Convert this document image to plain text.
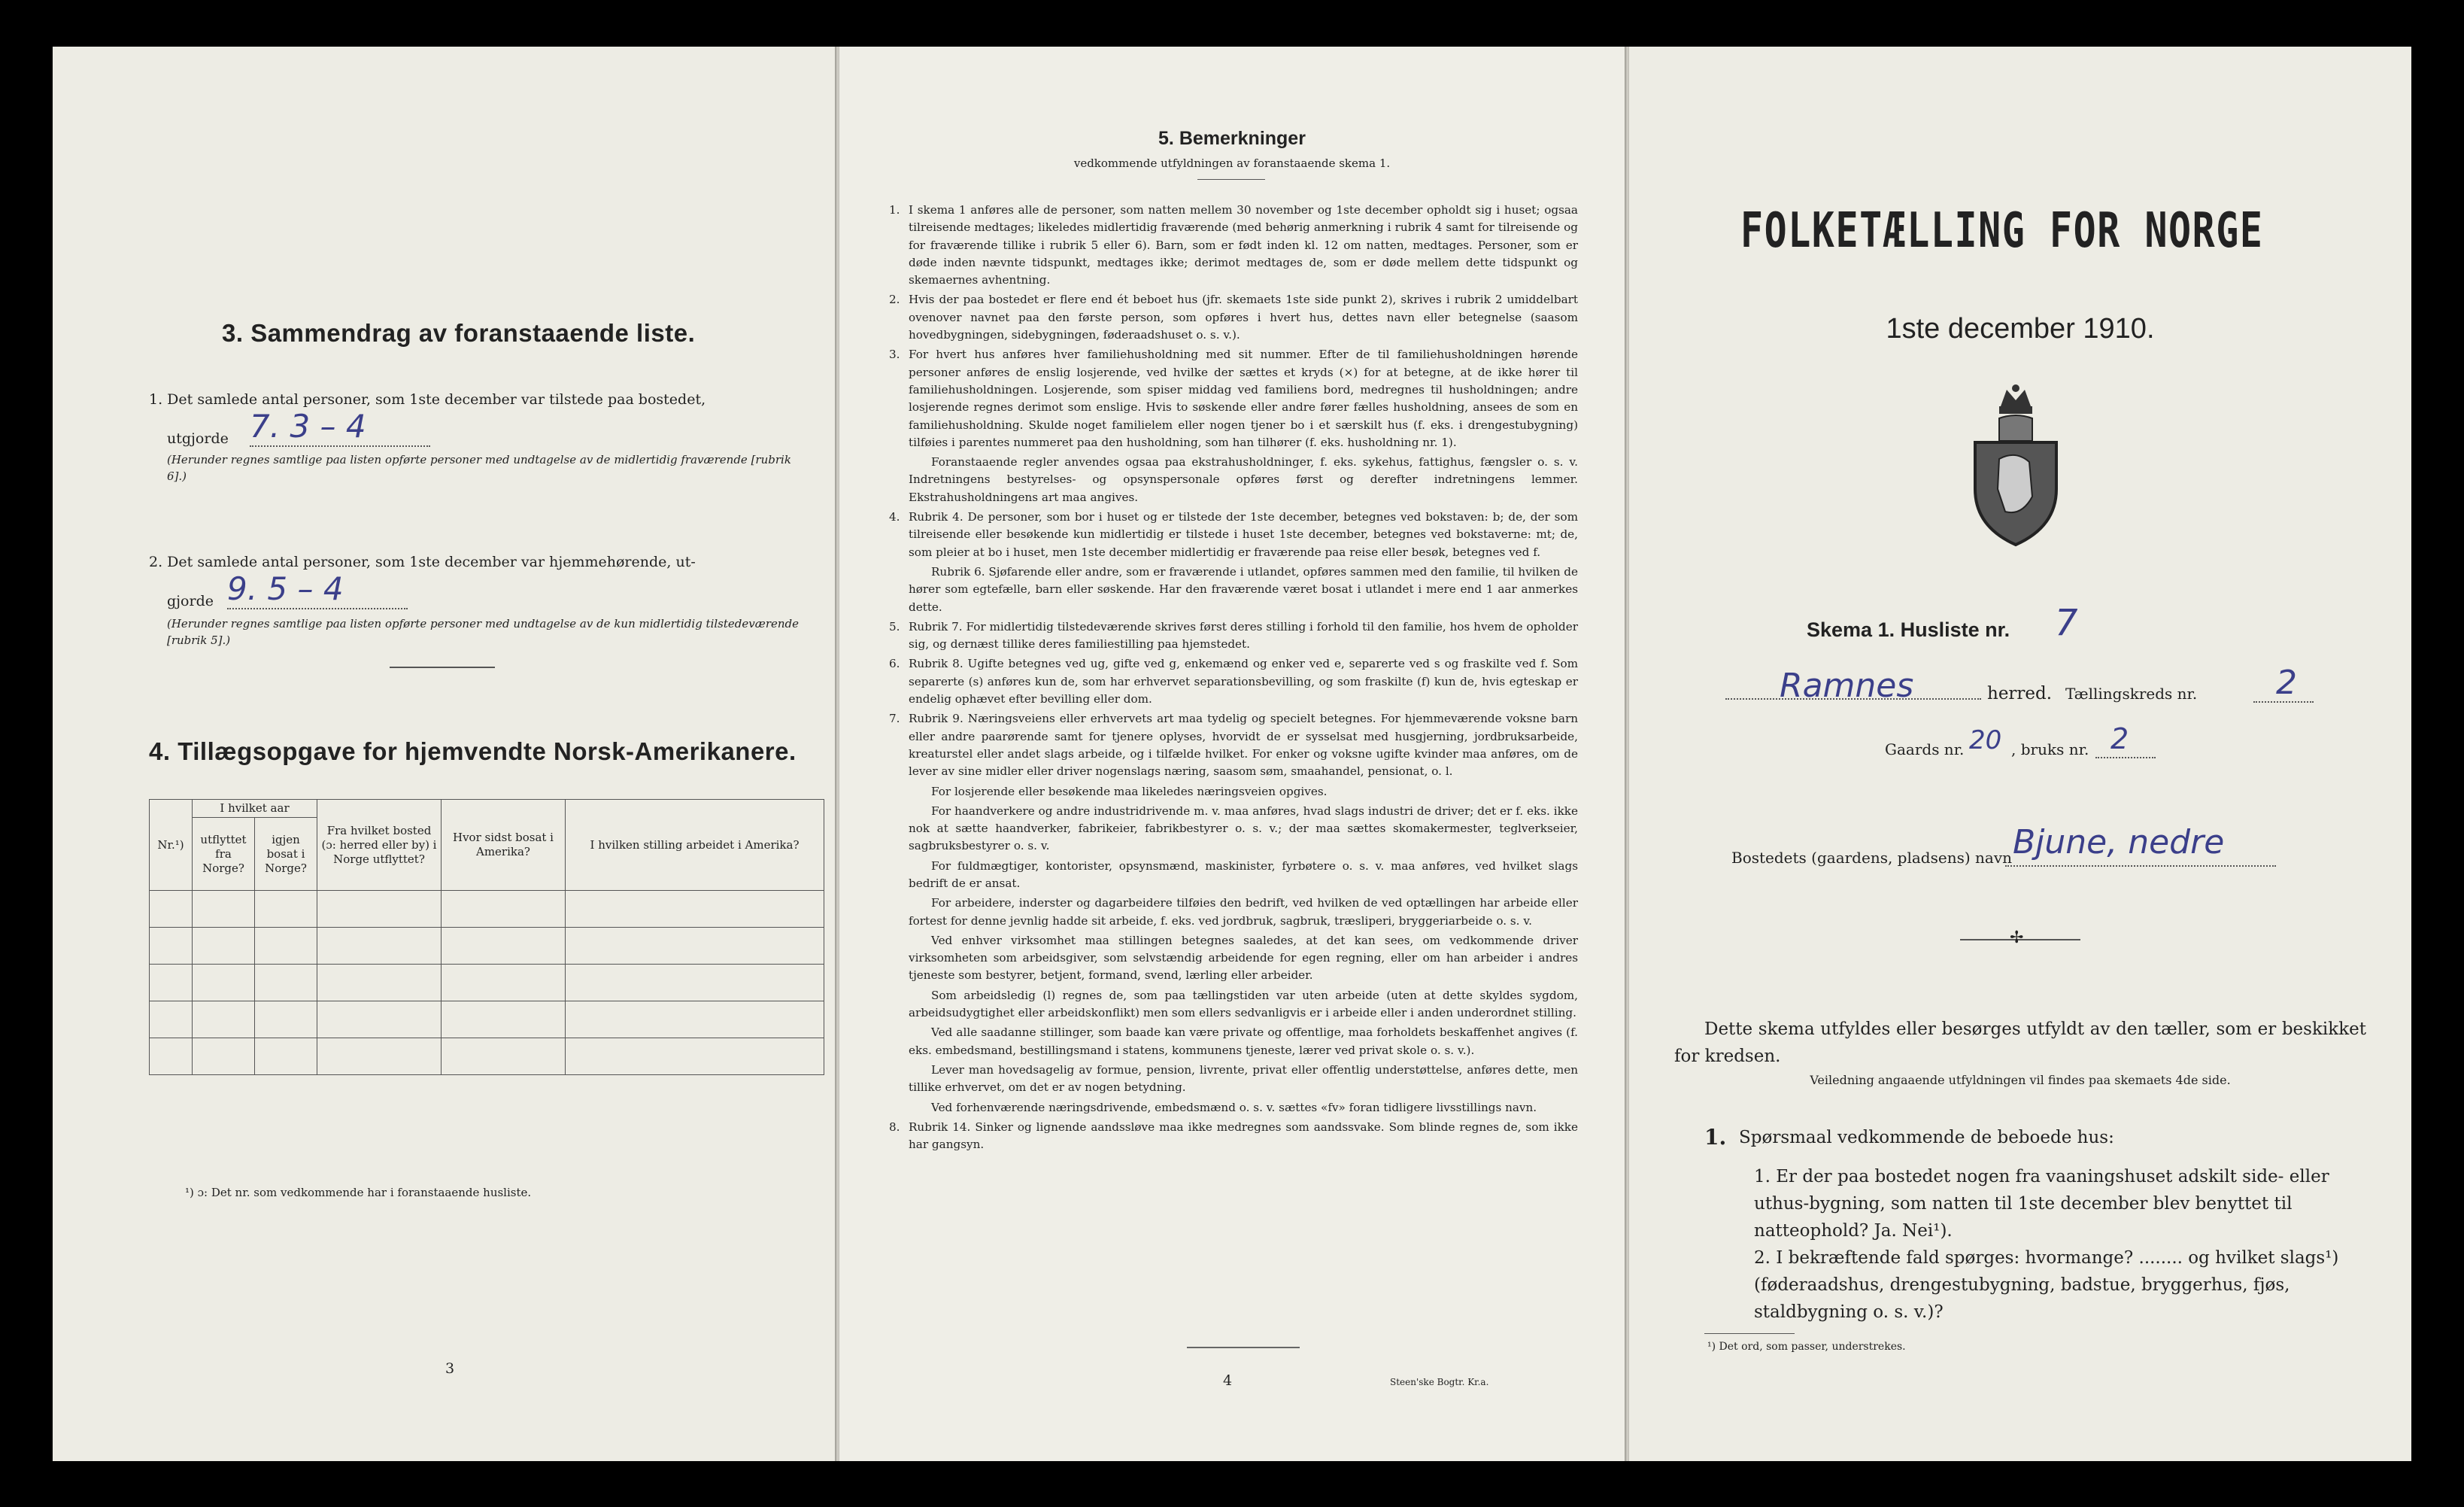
3. Sammendrag av foranstaaende liste.
1. Det samlede antal personer, som 1ste december var tilstede paa bostedet,
utgjorde 7. 3 – 4
(Herunder regnes samtlige paa listen opførte personer med undtagelse av de midlertidig fraværende [rubrik 6].)
2. Det samlede antal personer, som 1ste december var hjemmehørende, ut-
gjorde 9. 5 – 4
(Herunder regnes samtlige paa listen opførte personer med undtagelse av de kun midlertidig tilstedeværende [rubrik 5].)
4. Tillægsopgave for hjemvendte Norsk-Amerikanere.
Nr.¹)	I hvilket aar		Fra hvilket bosted (ɔ: herred eller by) i Norge utflyttet?	Hvor sidst bosat i Amerika?	I hvilken stilling arbeidet i Amerika?
	utflyttet fra Norge?	igjen bosat i Norge?			

¹) ɔ: Det nr. som vedkommende har i foranstaaende husliste.
3
5. Bemerkninger
vedkommende utfyldningen av foranstaaende skema 1.
1. I skema 1 anføres alle de personer, som natten mellem 30 november og 1ste december opholdt sig i huset; ogsaa tilreisende medtages; likeledes midlertidig fraværende (med behørig anmerkning i rubrik 4 samt for tilreisende og for fraværende tillike i rubrik 5 eller 6). Barn, som er født inden kl. 12 om natten, medtages. Personer, som er døde inden nævnte tidspunkt, medtages ikke; derimot medtages de, som er døde mellem dette tidspunkt og skemaernes avhentning.
2. Hvis der paa bostedet er flere end ét beboet hus (jfr. skemaets 1ste side punkt 2), skrives i rubrik 2 umiddelbart ovenover navnet paa den første person, som opføres i hvert hus, dettes navn eller betegnelse (saasom hovedbygningen, sidebygningen, føderaadshuset o. s. v.).
3. For hvert hus anføres hver familiehusholdning med sit nummer. Efter de til familiehusholdningen hørende personer anføres de enslig losjerende, ved hvilke der sættes et kryds (×) for at betegne, at de ikke hører til familiehusholdningen. Losjerende, som spiser middag ved familiens bord, medregnes til husholdningen; andre losjerende regnes derimot som enslige. Hvis to søskende eller andre fører fælles husholdning, ansees de som en familiehusholdning. Skulde noget familielem eller nogen tjener bo i et særskilt hus (f. eks. i drengestubygning) tilføies i parentes nummeret paa den husholdning, som han tilhører (f. eks. husholdning nr. 1).
Foranstaaende regler anvendes ogsaa paa ekstrahusholdninger, f. eks. sykehus, fattighus, fængsler o. s. v. Indretningens bestyrelses- og opsynspersonale opføres først og derefter indretningens lemmer. Ekstrahusholdningens art maa angives.
4. Rubrik 4. De personer, som bor i huset og er tilstede der 1ste december, betegnes ved bokstaven: b; de, der som tilreisende eller besøkende kun midlertidig er tilstede i huset 1ste december, betegnes ved bokstaverne: mt; de, som pleier at bo i huset, men 1ste december midlertidig er fraværende paa reise eller besøk, betegnes ved f.
Rubrik 6. Sjøfarende eller andre, som er fraværende i utlandet, opføres sammen med den familie, til hvilken de hører som egtefælle, barn eller søskende. Har den fraværende været bosat i utlandet i mere end 1 aar anmerkes dette.
5. Rubrik 7. For midlertidig tilstedeværende skrives først deres stilling i forhold til den familie, hos hvem de opholder sig, og dernæst tillike deres familiestilling paa hjemstedet.
6. Rubrik 8. Ugifte betegnes ved ug, gifte ved g, enkemænd og enker ved e, separerte ved s og fraskilte ved f. Som separerte (s) anføres kun de, som har erhvervet separationsbevilling, og som fraskilte (f) kun de, hvis egteskap er endelig ophævet efter bevilling eller dom.
7. Rubrik 9. Næringsveiens eller erhvervets art maa tydelig og specielt betegnes. For hjemmeværende voksne barn eller andre paarørende samt for tjenere oplyses, hvorvidt de er sysselsat med husgjerning, jordbruksarbeide, kreaturstel eller andet slags arbeide, og i tilfælde hvilket. For enker og voksne ugifte kvinder maa anføres, om de lever av sine midler eller driver nogenslags næring, saasom søm, smaahandel, pensionat, o. l.
For losjerende eller besøkende maa likeledes næringsveien opgives.
For haandverkere og andre industridrivende m. v. maa anføres, hvad slags industri de driver; det er f. eks. ikke nok at sætte haandverker, fabrikeier, fabrikbestyrer o. s. v.; der maa sættes skomakermester, teglverkseier, sagbruksbestyrer o. s. v.
For fuldmægtiger, kontorister, opsynsmænd, maskinister, fyrbøtere o. s. v. maa anføres, ved hvilket slags bedrift de er ansat.
For arbeidere, inderster og dagarbeidere tilføies den bedrift, ved hvilken de ved optællingen har arbeide eller fortest for denne jevnlig hadde sit arbeide, f. eks. ved jordbruk, sagbruk, træsliperi, bryggeriarbeide o. s. v.
Ved enhver virksomhet maa stillingen betegnes saaledes, at det kan sees, om vedkommende driver virksomheten som arbeidsgiver, som selvstændig arbeidende for egen regning, eller om han arbeider i andres tjeneste som bestyrer, betjent, formand, svend, lærling eller arbeider.
Som arbeidsledig (l) regnes de, som paa tællingstiden var uten arbeide (uten at dette skyldes sygdom, arbeidsudygtighet eller arbeidskonflikt) men som ellers sedvanligvis er i arbeide eller i anden underordnet stilling.
Ved alle saadanne stillinger, som baade kan være private og offentlige, maa forholdets beskaffenhet angives (f. eks. embedsmand, bestillingsmand i statens, kommunens tjeneste, lærer ved privat skole o. s. v.).
Lever man hovedsagelig av formue, pension, livrente, privat eller offentlig understøttelse, anføres dette, men tillike erhvervet, om det er av nogen betydning.
Ved forhenværende næringsdrivende, embedsmænd o. s. v. sættes «fv» foran tidligere livsstillings navn.
8. Rubrik 14. Sinker og lignende aandssløve maa ikke medregnes som aandssvake. Som blinde regnes de, som ikke har gangsyn.
4	Steen'ske Bogtr. Kr.a.
FOLKETÆLLING FOR NORGE
1ste december 1910.
Skema 1. Husliste nr. 7
Ramnes	herred. Tællingskreds nr. 2
Gaards nr. 20 , bruks nr. 2
Bostedets (gaardens, pladsens) navn Bjune, nedre
✢
Dette skema utfyldes eller besørges utfyldt av den tæller, som er beskikket for kredsen.
Veiledning angaaende utfyldningen vil findes paa skemaets 4de side.
1. Spørsmaal vedkommende de beboede hus:
1. Er der paa bostedet nogen fra vaaningshuset adskilt side- eller uthus-bygning, som natten til 1ste december blev benyttet til natteophold? Ja. Nei¹).
2. I bekræftende fald spørges: hvormange? ........ og hvilket slags¹) (føderaadshus, drengestubygning, badstue, bryggerhus, fjøs, staldbygning o. s. v.)?
¹) Det ord, som passer, understrekes.
